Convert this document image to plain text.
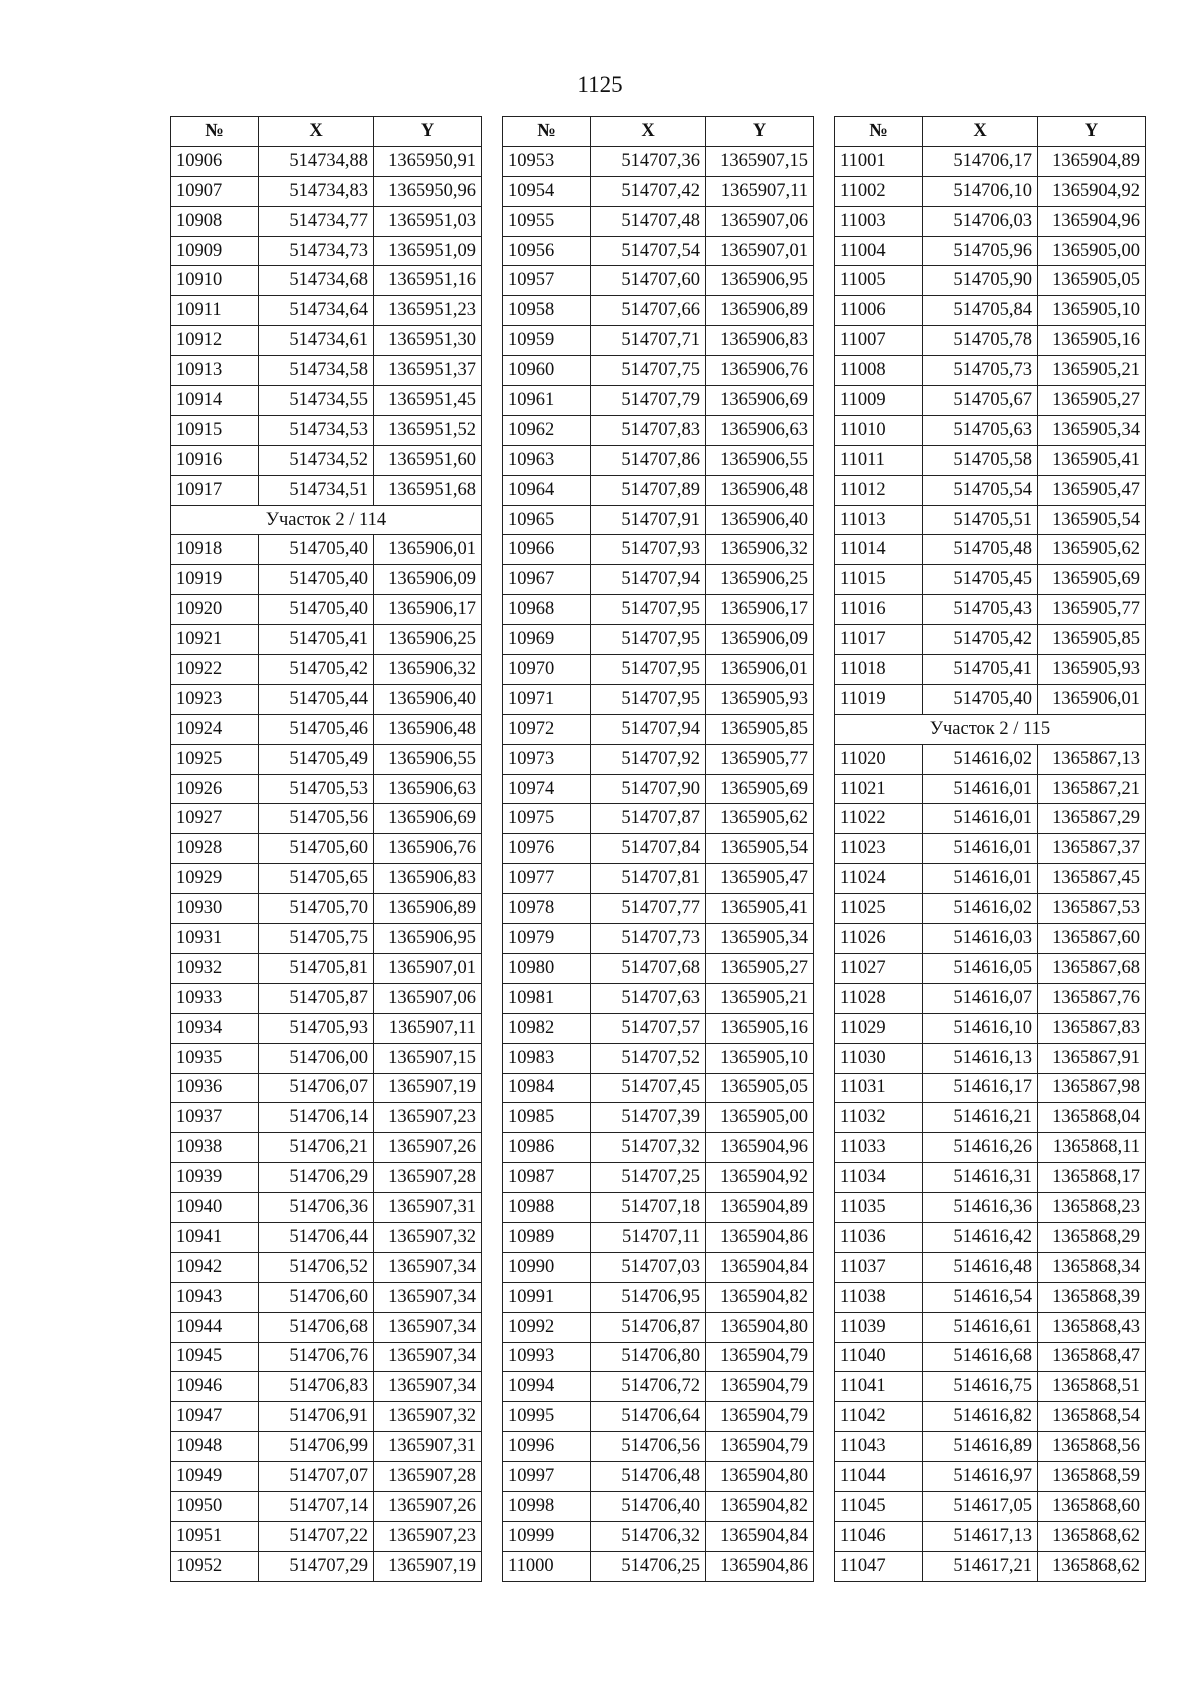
1125
№	X	Y
10906	514734,88	1365950,91
10907	514734,83	1365950,96
10908	514734,77	1365951,03
10909	514734,73	1365951,09
10910	514734,68	1365951,16
10911	514734,64	1365951,23
10912	514734,61	1365951,30
10913	514734,58	1365951,37
10914	514734,55	1365951,45
10915	514734,53	1365951,52
10916	514734,52	1365951,60
10917	514734,51	1365951,68
Участок 2 / 114		
10918	514705,40	1365906,01
10919	514705,40	1365906,09
10920	514705,40	1365906,17
10921	514705,41	1365906,25
10922	514705,42	1365906,32
10923	514705,44	1365906,40
10924	514705,46	1365906,48
10925	514705,49	1365906,55
10926	514705,53	1365906,63
10927	514705,56	1365906,69
10928	514705,60	1365906,76
10929	514705,65	1365906,83
10930	514705,70	1365906,89
10931	514705,75	1365906,95
10932	514705,81	1365907,01
10933	514705,87	1365907,06
10934	514705,93	1365907,11
10935	514706,00	1365907,15
10936	514706,07	1365907,19
10937	514706,14	1365907,23
10938	514706,21	1365907,26
10939	514706,29	1365907,28
10940	514706,36	1365907,31
10941	514706,44	1365907,32
10942	514706,52	1365907,34
10943	514706,60	1365907,34
10944	514706,68	1365907,34
10945	514706,76	1365907,34
10946	514706,83	1365907,34
10947	514706,91	1365907,32
10948	514706,99	1365907,31
10949	514707,07	1365907,28
10950	514707,14	1365907,26
10951	514707,22	1365907,23
10952	514707,29	1365907,19
№	X	Y
10953	514707,36	1365907,15
10954	514707,42	1365907,11
10955	514707,48	1365907,06
10956	514707,54	1365907,01
10957	514707,60	1365906,95
10958	514707,66	1365906,89
10959	514707,71	1365906,83
10960	514707,75	1365906,76
10961	514707,79	1365906,69
10962	514707,83	1365906,63
10963	514707,86	1365906,55
10964	514707,89	1365906,48
10965	514707,91	1365906,40
10966	514707,93	1365906,32
10967	514707,94	1365906,25
10968	514707,95	1365906,17
10969	514707,95	1365906,09
10970	514707,95	1365906,01
10971	514707,95	1365905,93
10972	514707,94	1365905,85
10973	514707,92	1365905,77
10974	514707,90	1365905,69
10975	514707,87	1365905,62
10976	514707,84	1365905,54
10977	514707,81	1365905,47
10978	514707,77	1365905,41
10979	514707,73	1365905,34
10980	514707,68	1365905,27
10981	514707,63	1365905,21
10982	514707,57	1365905,16
10983	514707,52	1365905,10
10984	514707,45	1365905,05
10985	514707,39	1365905,00
10986	514707,32	1365904,96
10987	514707,25	1365904,92
10988	514707,18	1365904,89
10989	514707,11	1365904,86
10990	514707,03	1365904,84
10991	514706,95	1365904,82
10992	514706,87	1365904,80
10993	514706,80	1365904,79
10994	514706,72	1365904,79
10995	514706,64	1365904,79
10996	514706,56	1365904,79
10997	514706,48	1365904,80
10998	514706,40	1365904,82
10999	514706,32	1365904,84
11000	514706,25	1365904,86
№	X	Y
11001	514706,17	1365904,89
11002	514706,10	1365904,92
11003	514706,03	1365904,96
11004	514705,96	1365905,00
11005	514705,90	1365905,05
11006	514705,84	1365905,10
11007	514705,78	1365905,16
11008	514705,73	1365905,21
11009	514705,67	1365905,27
11010	514705,63	1365905,34
11011	514705,58	1365905,41
11012	514705,54	1365905,47
11013	514705,51	1365905,54
11014	514705,48	1365905,62
11015	514705,45	1365905,69
11016	514705,43	1365905,77
11017	514705,42	1365905,85
11018	514705,41	1365905,93
11019	514705,40	1365906,01
Участок 2 / 115		
11020	514616,02	1365867,13
11021	514616,01	1365867,21
11022	514616,01	1365867,29
11023	514616,01	1365867,37
11024	514616,01	1365867,45
11025	514616,02	1365867,53
11026	514616,03	1365867,60
11027	514616,05	1365867,68
11028	514616,07	1365867,76
11029	514616,10	1365867,83
11030	514616,13	1365867,91
11031	514616,17	1365867,98
11032	514616,21	1365868,04
11033	514616,26	1365868,11
11034	514616,31	1365868,17
11035	514616,36	1365868,23
11036	514616,42	1365868,29
11037	514616,48	1365868,34
11038	514616,54	1365868,39
11039	514616,61	1365868,43
11040	514616,68	1365868,47
11041	514616,75	1365868,51
11042	514616,82	1365868,54
11043	514616,89	1365868,56
11044	514616,97	1365868,59
11045	514617,05	1365868,60
11046	514617,13	1365868,62
11047	514617,21	1365868,62
